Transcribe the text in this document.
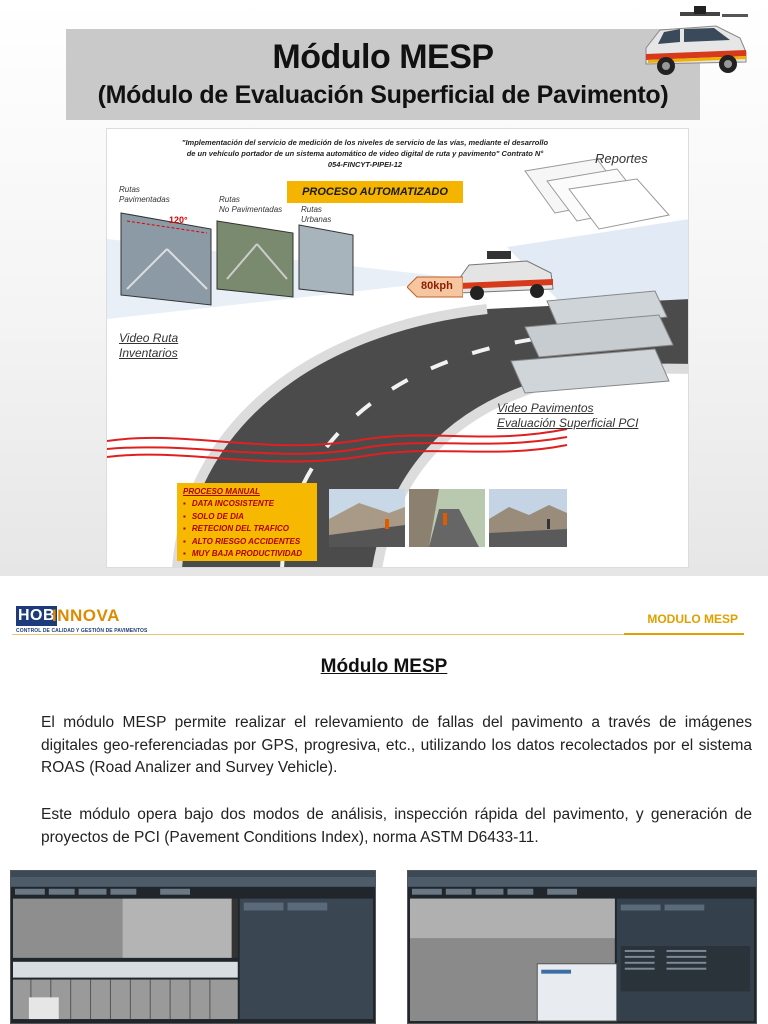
Módulo MESP
(Módulo de Evaluación Superficial de Pavimento)
"Implementación del servicio de medición de los niveles de servicio de las vías, mediante el desarrollo de un vehículo portador de un sistema automático de video digital de ruta y pavimento" Contrato N° 054-FINCYT-PIPEI-12
PROCESO AUTOMATIZADO
Reportes
Rutas
Pavimentadas	Rutas
No Pavimentadas Rutas
Urbanas
120°
80kph
Video Ruta
Inventarios
Video Pavimentos
Evaluación Superficial PCI
PROCESO MANUAL
▪ DATA INCOSISTENTE
▪ SOLO DE DIA
▪ RETECION DEL TRAFICO
▪ ALTO RIESGO ACCIDENTES
▪ MUY BAJA PRODUCTIVIDAD
HOB
INNOVA
CONTROL DE CALIDAD Y GESTIÓN DE PAVIMENTOS
MODULO MESP
Módulo MESP

El módulo MESP permite realizar el relevamiento de fallas del pavimento a través de imágenes digitales geo-referenciadas por GPS, progresiva, etc., utilizando los datos recolectados por el sistema ROAS (Road Analizer and Survey Vehicle).

Este módulo opera bajo dos modos de análisis, inspección rápida del pavimento, y generación de proyectos de PCI (Pavement Conditions Index), norma ASTM D6433-11.
